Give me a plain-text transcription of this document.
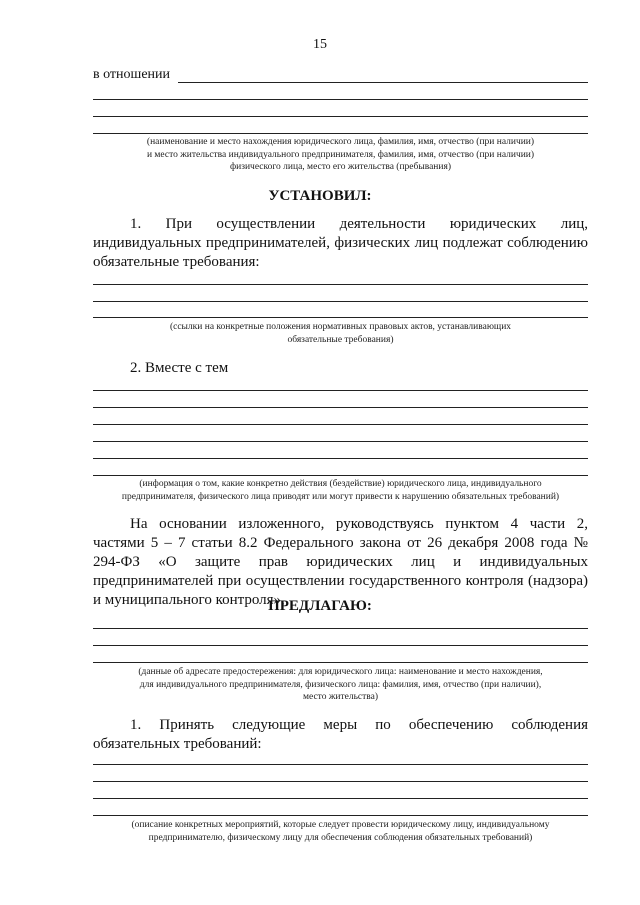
15
в отношении
(наименование и место нахождения юридического лица, фамилия, имя, отчество (при наличии)
и место жительства индивидуального предпринимателя, фамилия, имя, отчество (при наличии)
физического лица, место его жительства (пребывания)
УСТАНОВИЛ:
1. При осуществлении деятельности юридических лиц, индивидуальных предпринимателей, физических лиц подлежат соблюдению обязательные требования:
(ссылки на конкретные положения нормативных правовых актов, устанавливающих
обязательные требования)
2. Вместе с тем
(информация о том, какие конкретно действия (бездействие) юридического лица, индивидуального
предпринимателя, физического лица приводят или могут привести к нарушению обязательных требований)
На основании изложенного, руководствуясь пунктом 4 части 2, частями 5 – 7 статьи 8.2 Федерального закона от 26 декабря 2008 года № 294-ФЗ «О защите прав юридических лиц и индивидуальных предпринимателей при осуществлении государственного контроля (надзора) и муниципального контроля»,
ПРЕДЛАГАЮ:
(данные об адресате предостережения: для юридического лица: наименование и место нахождения,
для индивидуального предпринимателя, физического лица: фамилия, имя, отчество (при наличии),
место жительства)
1. Принять следующие меры по обеспечению соблюдения обязательных требований:
(описание конкретных мероприятий, которые следует провести юридическому лицу, индивидуальному
предпринимателю, физическому лицу для обеспечения соблюдения обязательных требований)
